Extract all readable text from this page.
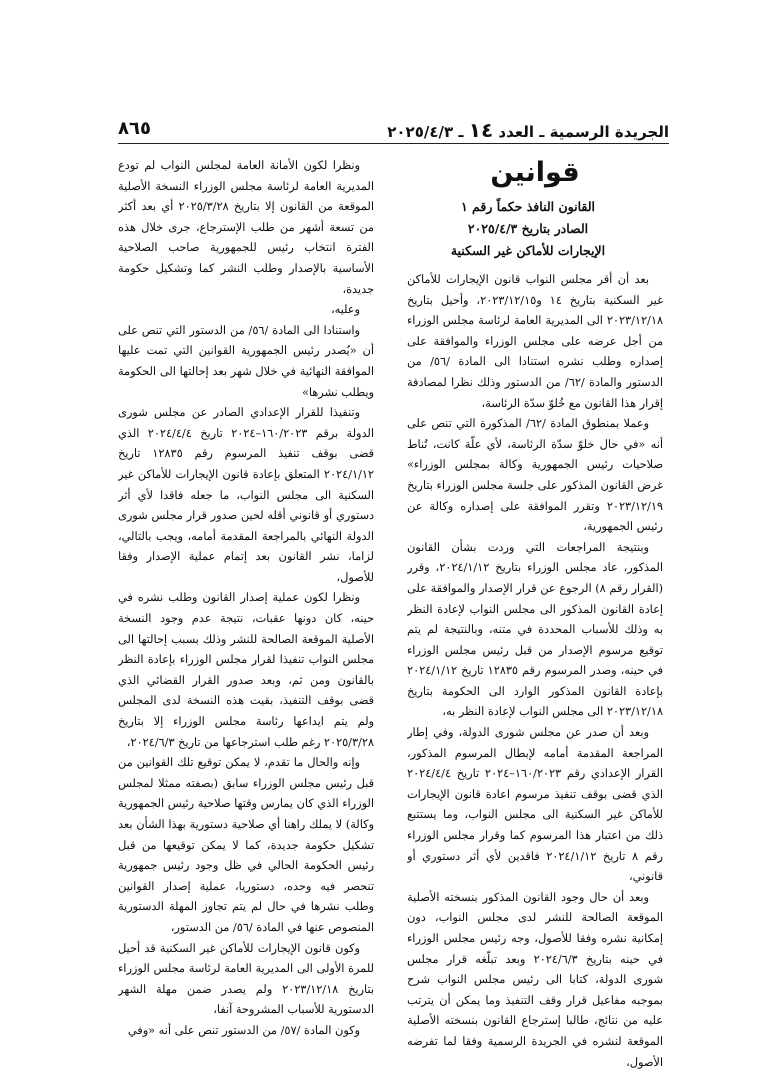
الجريدة الرسمية ـ العدد ١٤ ـ ٢٠٢٥/٤/٣
٨٦٥
قوانين

القانون النافذ حكماً رقم ١

الصادر بتاريخ ٢٠٢٥/٤/٣

الإيجارات للأماكن غير السكنية

بعد أن أقر مجلس النواب قانون الإيجارات للأماكن غير السكنية بتاريخ ١٤ و٢٠٢٣/١٢/١٥، وأحيل بتاريخ ٢٠٢٣/١٢/١٨ الى المديرية العامة لرئاسة مجلس الوزراء من أجل عرضه على مجلس الوزراء والموافقة على إصداره وطلب نشره استنادا الى المادة /٥٦/ من الدستور والمادة /٦٢/ من الدستور وذلك نظرا لمصادفة إقرار هذا القانون مع خُلوّ سدّة الرئاسة،

وعملا بمنطوق المادة /٦٢/ المذكورة التي تنص على أنه «في حال خلوّ سدّة الرئاسة، لأي علّة كانت، تُناط صلاحيات رئيس الجمهورية وكالة بمجلس الوزراء» غرض القانون المذكور على جلسة مجلس الوزراء بتاريخ ٢٠٢٣/١٢/١٩ وتقرر الموافقة على إصداره وكالة عن رئيس الجمهورية،

وبنتيجة المراجعات التي وردت بشأن القانون المذكور، عاد مجلس الوزراء بتاريخ ٢٠٢٤/١/١٢، وقرر (القرار رقم ٨) الرجوع عن قرار الإصدار والموافقة على إعادة القانون المذكور الى مجلس النواب لإعادة النظر به وذلك للأسباب المحددة في متنه، وبالنتيجة لم يتم توقيع مرسوم الإصدار من قبل رئيس مجلس الوزراء في حينه، وصدر المرسوم رقم ١٢٨٣٥ تاريخ ٢٠٢٤/١/١٢ بإعادة القانون المذكور الوارد الى الحكومة بتاريخ ٢٠٢٣/١٢/١٨ الى مجلس النواب لإعادة النظر به،

وبعد أن صدر عن مجلس شورى الدولة، وفي إطار المراجعة المقدمة أمامه لإبطال المرسوم المذكور، القرار الإعدادي رقم ١٦٠/٢٠٢٣–٢٠٢٤ تاريخ ٢٠٢٤/٤/٤ الذي قضى بوقف تنفيذ مرسوم اعادة قانون الإيجارات للأماكن غير السكنية الى مجلس النواب، وما يستتبع ذلك من اعتبار هذا المرسوم كما وقرار مجلس الوزراء رقم ٨ تاريخ ٢٠٢٤/١/١٢ فاقدين لأي أثر دستوري أو قانوني،

وبعد أن حال وجود القانون المذكور بنسخته الأصلية الموقعة الصالحة للنشر لدى مجلس النواب، دون إمكانية نشره وفقا للأصول، وجه رئيس مجلس الوزراء في حينه بتاريخ ٢٠٢٤/٦/٣ وبعد تبلّغه قرار مجلس شورى الدولة، كتابا الى رئيس مجلس النواب شرح بموجبه مفاعيل قرار وقف التنفيذ وما يمكن أن يترتب عليه من نتائج، طالبا إسترجاع القانون بنسخته الأصلية الموقعة لنشره في الجريدة الرسمية وفقا لما تفرضه الأصول،

ونظرا لكون الأمانة العامة لمجلس النواب لم تودع المديرية العامة لرئاسة مجلس الوزراء النسخة الأصلية الموقعة من القانون إلا بتاريخ ٢٠٢٥/٣/٢٨ أي بعد أكثر من تسعة أشهر من طلب الإسترجاع، جرى خلال هذه الفترة انتخاب رئيس للجمهورية صاحب الصلاحية الأساسية بالإصدار وطلب النشر كما وتشكيل حكومة جديدة،

وعليه،

واستنادا الى المادة /٥٦/ من الدستور التي تنص على أن «يُصدر رئيس الجمهورية القوانين التي تمت عليها الموافقة النهائية في خلال شهر بعد إحالتها الى الحكومة ويطلب نشرها»

وتنفيذا للقرار الإعدادي الصادر عن مجلس شورى الدولة برقم ١٦٠/٢٠٢٣–٢٠٢٤ تاريخ ٢٠٢٤/٤/٤ الذي قضى بوقف تنفيذ المرسوم رقم ١٢٨٣٥ تاريخ ٢٠٢٤/١/١٢ المتعلق بإعادة قانون الإيجارات للأماكن غير السكنية الى مجلس النواب، ما جعله فاقدا لأي أثر دستوري أو قانوني أقله لحين صدور قرار مجلس شورى الدولة النهائي بالمراجعة المقدمة أمامه، ويجب بالتالي، لزاما، نشر القانون بعد إتمام عملية الإصدار وفقا للأصول،

ونظرا لكون عملية إصدار القانون وطلب نشره في حينه، كان دونها عقبات، نتيجة عدم وجود النسخة الأصلية الموقعة الصالحة للنشر وذلك بسبب إحالتها الى مجلس النواب تنفيذا لقرار مجلس الوزراء بإعادة النظر بالقانون ومن ثم، وبعد صدور القرار القضائي الذي قضى بوقف التنفيذ، بقيت هذه النسخة لدى المجلس ولم يتم ايداعها رئاسة مجلس الوزراء إلا بتاريخ ٢٠٢٥/٣/٢٨ رغم طلب استرجاعها من تاريخ ٢٠٢٤/٦/٣،

وإنه والحال ما تقدم، لا يمكن توقيع تلك القوانين من قبل رئيس مجلس الوزراء سابق (بصفته ممثلا لمجلس الوزراء الذي كان يمارس وقتها صلاحية رئيس الجمهورية وكالة) لا يملك راهنا أي صلاحية دستورية بهذا الشأن بعد تشكيل حكومة جديدة، كما لا يمكن توقيعها من قبل رئيس الحكومة الحالي في ظل وجود رئيس جمهورية تنحصر فيه وحده، دستوريا، عملية إصدار القوانين وطلب نشرها في حال لم يتم تجاوز المهلة الدستورية المنصوص عنها في المادة /٥٦/ من الدستور،

وكون قانون الإيجارات للأماكن غير السكنية قد أحيل للمرة الأولى الى المديرية العامة لرئاسة مجلس الوزراء بتاريخ ٢٠٢٣/١٢/١٨ ولم يصدر ضمن مهلة الشهر الدستورية للأسباب المشروحة آنفا،

وكون المادة /٥٧/ من الدستور تنص على أنه «وفي
